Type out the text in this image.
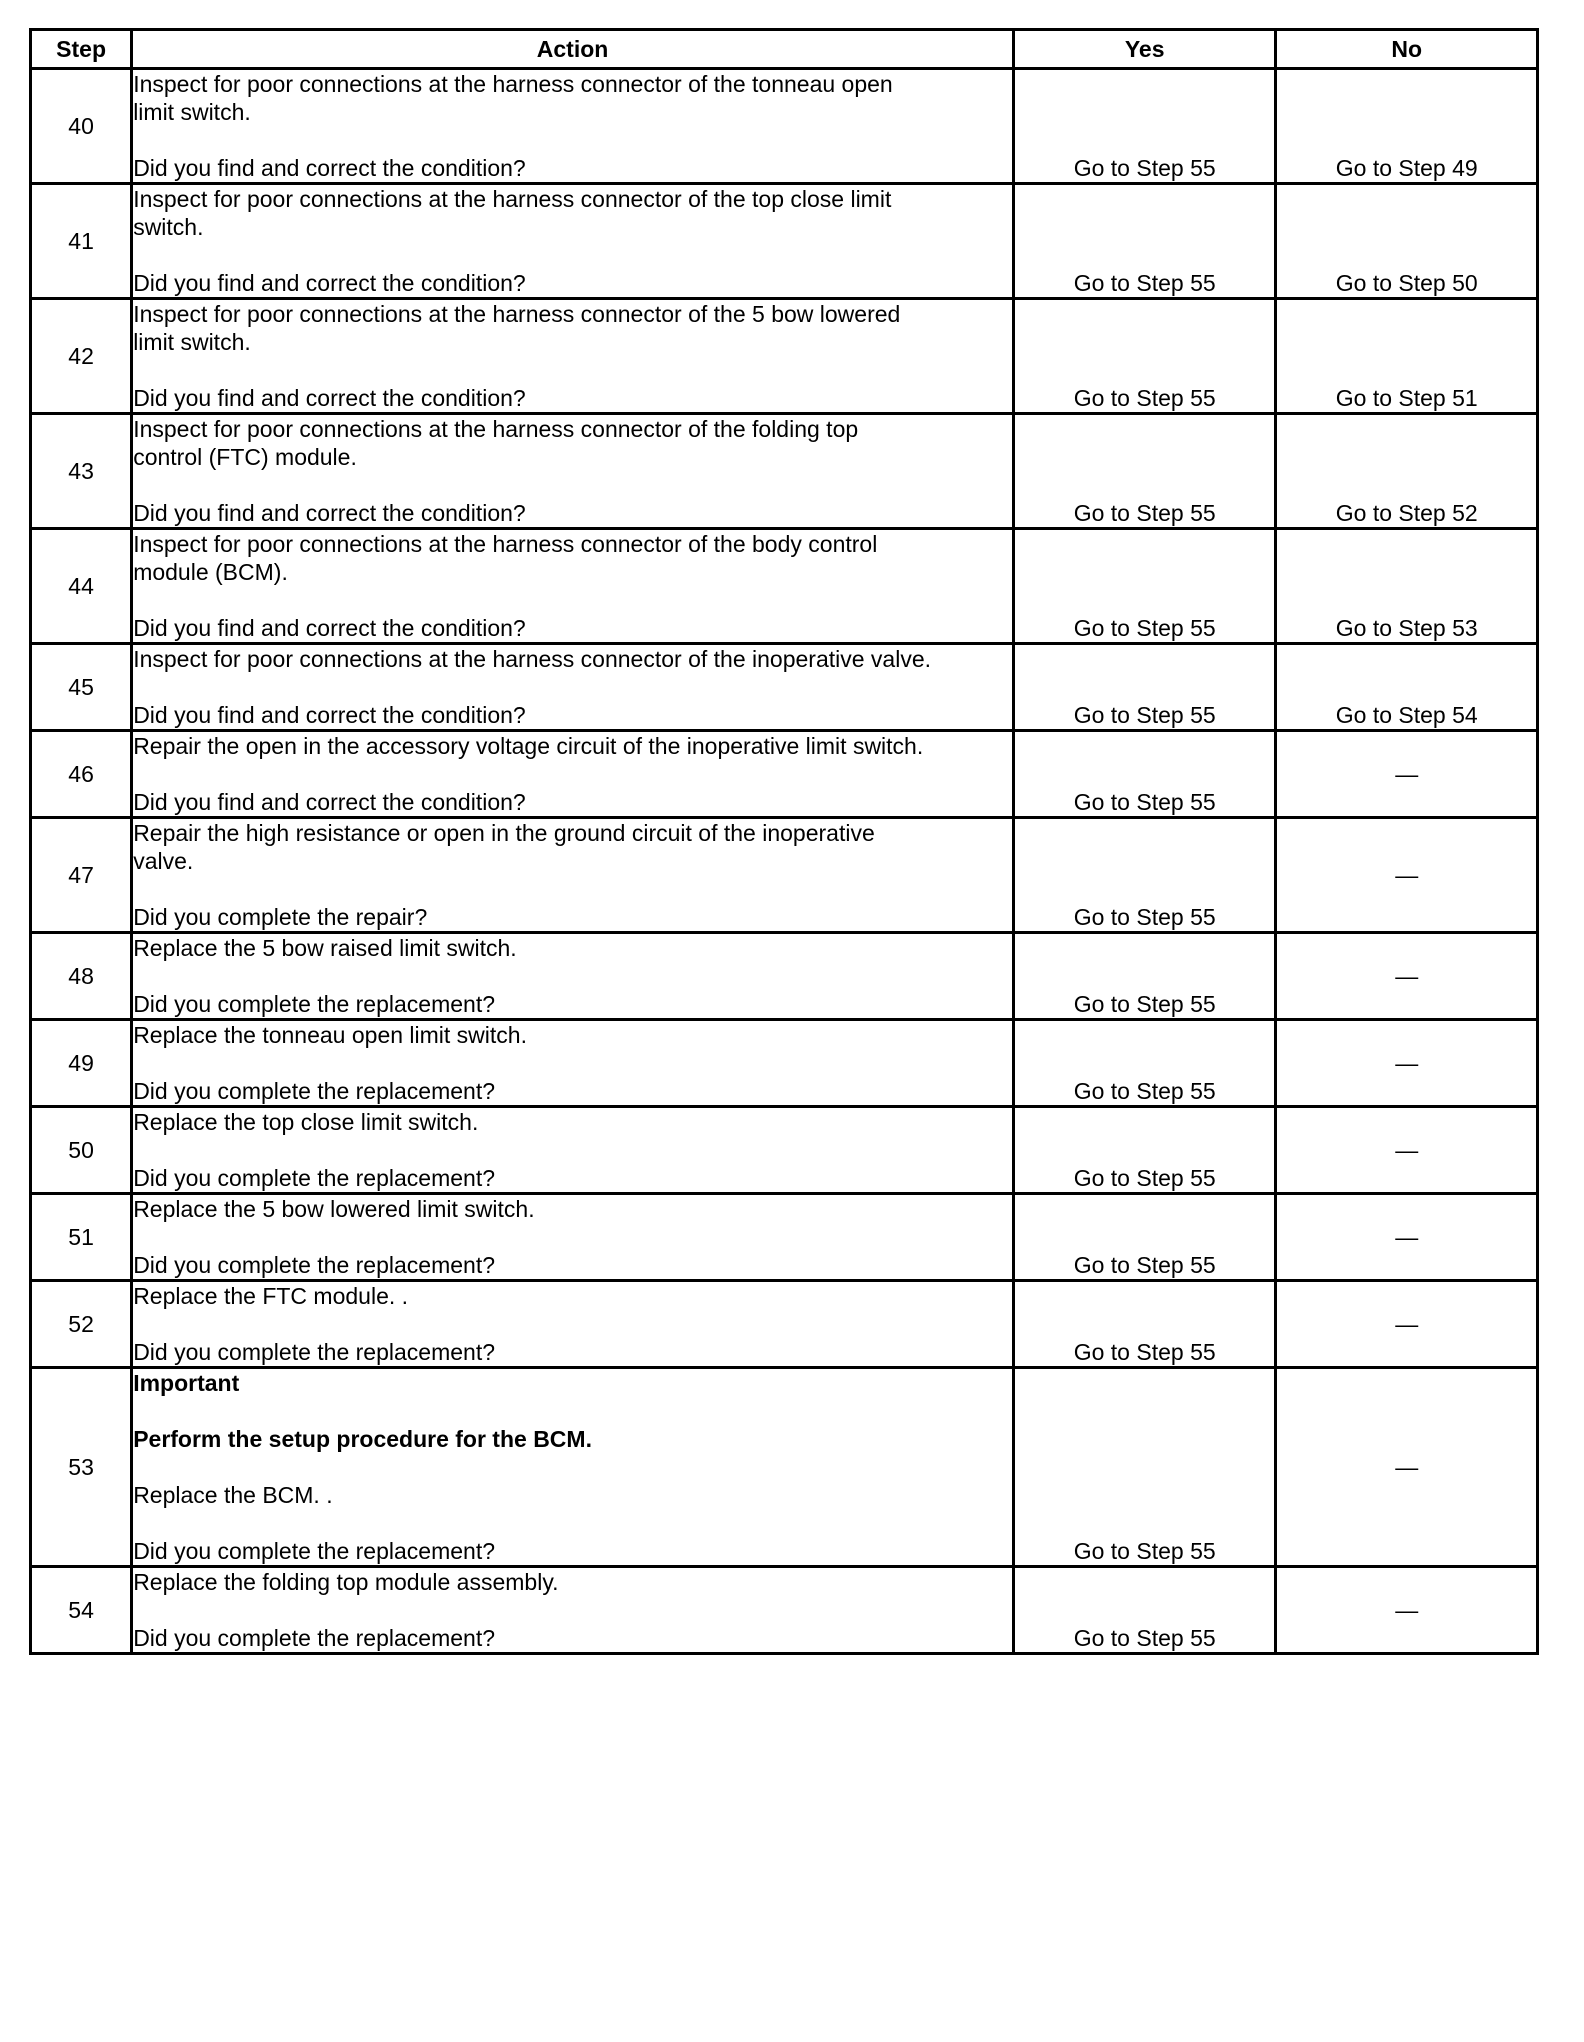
Step	Action	Yes	No
40	Inspect for poor connections at the harness connector of the tonneau open
limit switch.
Did you find and correct the condition?	Go to Step 55	Go to Step 49
41	Inspect for poor connections at the harness connector of the top close limit
switch.
Did you find and correct the condition?	Go to Step 55	Go to Step 50
42	Inspect for poor connections at the harness connector of the 5 bow lowered
limit switch.
Did you find and correct the condition?	Go to Step 55	Go to Step 51
43	Inspect for poor connections at the harness connector of the folding top
control (FTC) module.
Did you find and correct the condition?	Go to Step 55	Go to Step 52
44	Inspect for poor connections at the harness connector of the body control
module (BCM).
Did you find and correct the condition?	Go to Step 55	Go to Step 53
45	Inspect for poor connections at the harness connector of the inoperative valve.
Did you find and correct the condition?	Go to Step 55	Go to Step 54
46	Repair the open in the accessory voltage circuit of the inoperative limit switch.
Did you find and correct the condition?	Go to Step 55	—
47	Repair the high resistance or open in the ground circuit of the inoperative
valve.
Did you complete the repair?	Go to Step 55	—
48	Replace the 5 bow raised limit switch.
Did you complete the replacement?	Go to Step 55	—
49	Replace the tonneau open limit switch.
Did you complete the replacement?	Go to Step 55	—
50	Replace the top close limit switch.
Did you complete the replacement?	Go to Step 55	—
51	Replace the 5 bow lowered limit switch.
Did you complete the replacement?	Go to Step 55	—
52	Replace the FTC module. .
Did you complete the replacement?	Go to Step 55	—
53	Important
Perform the setup procedure for the BCM.
Replace the BCM. .
Did you complete the replacement?	Go to Step 55	—
54	Replace the folding top module assembly.
Did you complete the replacement?	Go to Step 55	—
